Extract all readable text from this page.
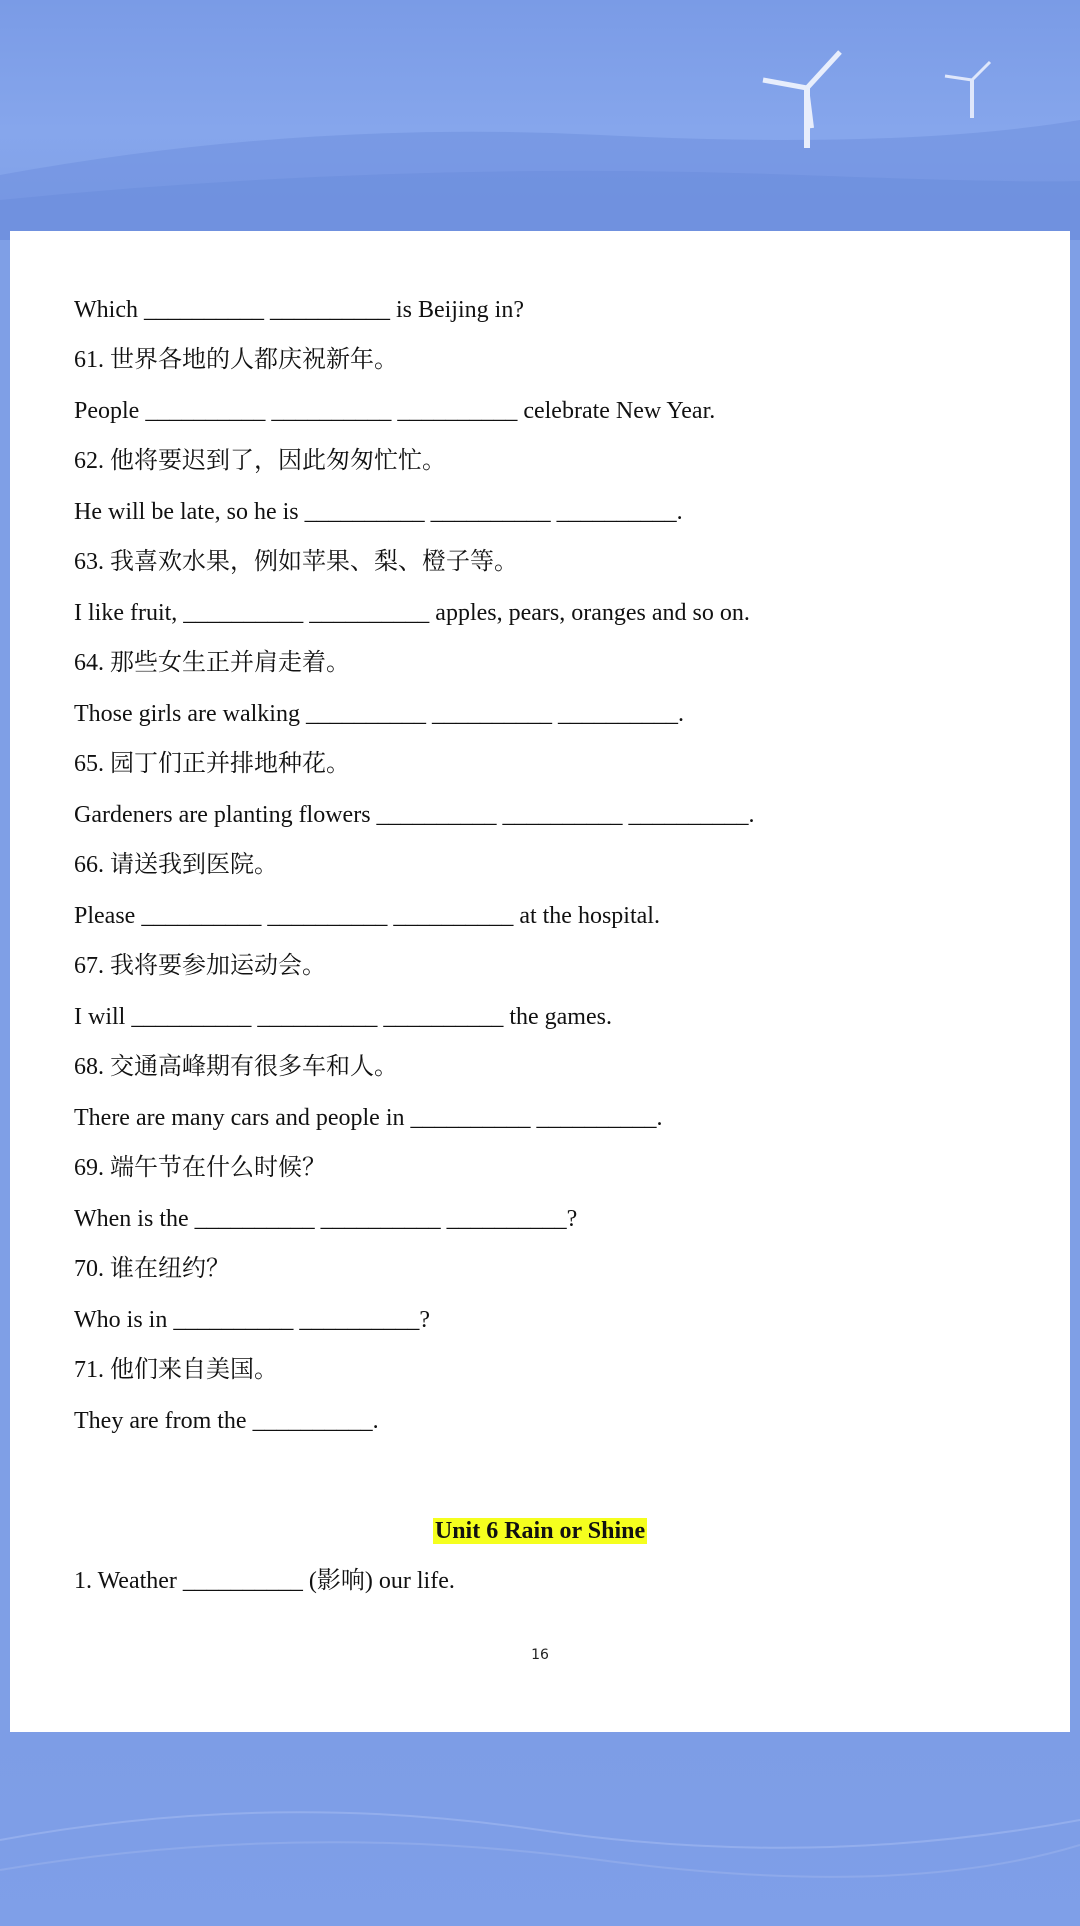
Which __________ __________ is Beijing in?
61. 世界各地的人都庆祝新年。
People __________ __________ __________ celebrate New Year.
62. 他将要迟到了，因此匆匆忙忙。
He will be late, so he is __________ __________ __________.
63. 我喜欢水果，例如苹果、梨、橙子等。
I like fruit, __________ __________ apples, pears, oranges and so on.
64. 那些女生正并肩走着。
Those girls are walking __________ __________ __________.
65. 园丁们正并排地种花。
Gardeners are planting flowers __________ __________ __________.
66. 请送我到医院。
Please __________ __________ __________ at the hospital.
67. 我将要参加运动会。
I will __________ __________ __________ the games.
68. 交通高峰期有很多车和人。
There are many cars and people in __________ __________.
69. 端午节在什么时候？
When is the __________ __________ __________?
70. 谁在纽约？
Who is in __________ __________?
71. 他们来自美国。
They are from the __________.
Unit 6 Rain or Shine
1. Weather __________ (影响) our life.
16
